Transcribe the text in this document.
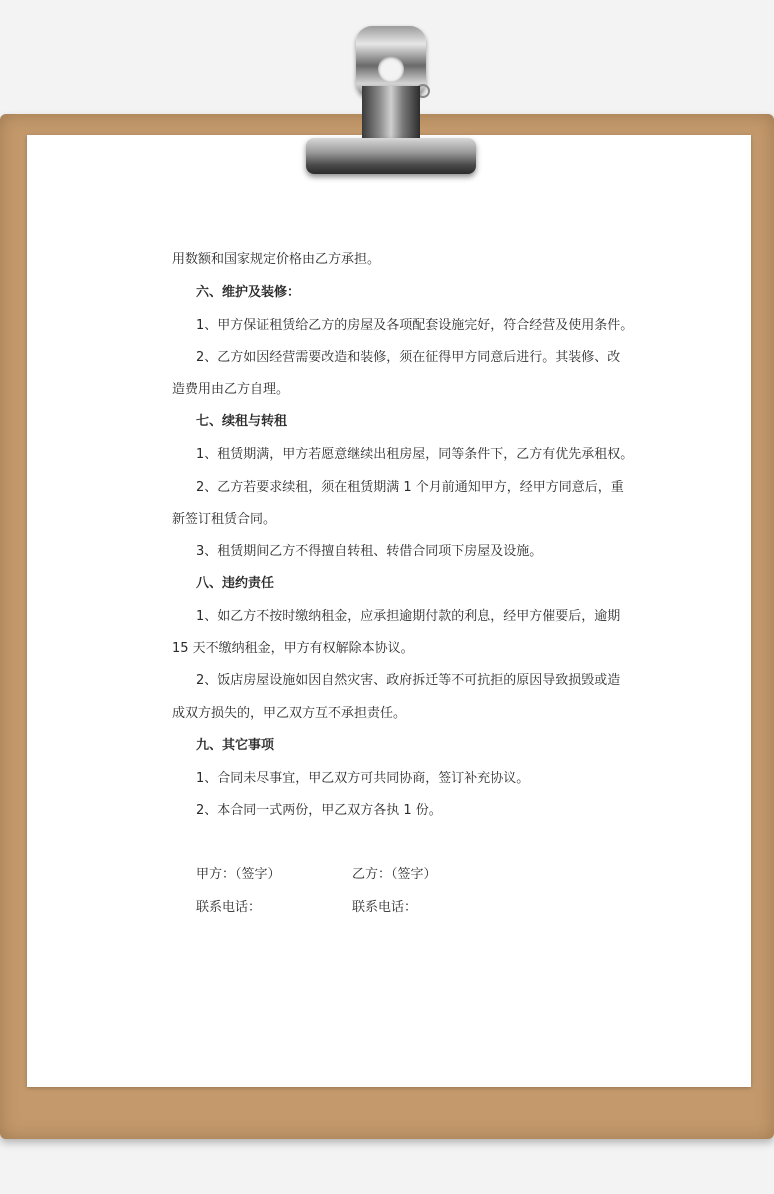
用数额和国家规定价格由乙方承担。
六、维护及装修：
1、甲方保证租赁给乙方的房屋及各项配套设施完好，符合经营及使用条件。
2、乙方如因经营需要改造和装修，须在征得甲方同意后进行。其装修、改
造费用由乙方自理。
七、续租与转租
1、租赁期满，甲方若愿意继续出租房屋，同等条件下，乙方有优先承租权。
2、乙方若要求续租，须在租赁期满 1 个月前通知甲方，经甲方同意后，重
新签订租赁合同。
3、租赁期间乙方不得擅自转租、转借合同项下房屋及设施。
八、违约责任
1、如乙方不按时缴纳租金，应承担逾期付款的利息，经甲方催要后，逾期
15 天不缴纳租金，甲方有权解除本协议。
2、饭店房屋设施如因自然灾害、政府拆迁等不可抗拒的原因导致损毁或造
成双方损失的，甲乙双方互不承担责任。
九、其它事项
1、合同未尽事宜，甲乙双方可共同协商，签订补充协议。
2、本合同一式两份，甲乙双方各执 1 份。
甲方：（签字）	乙方：（签字）
联系电话：	联系电话：
